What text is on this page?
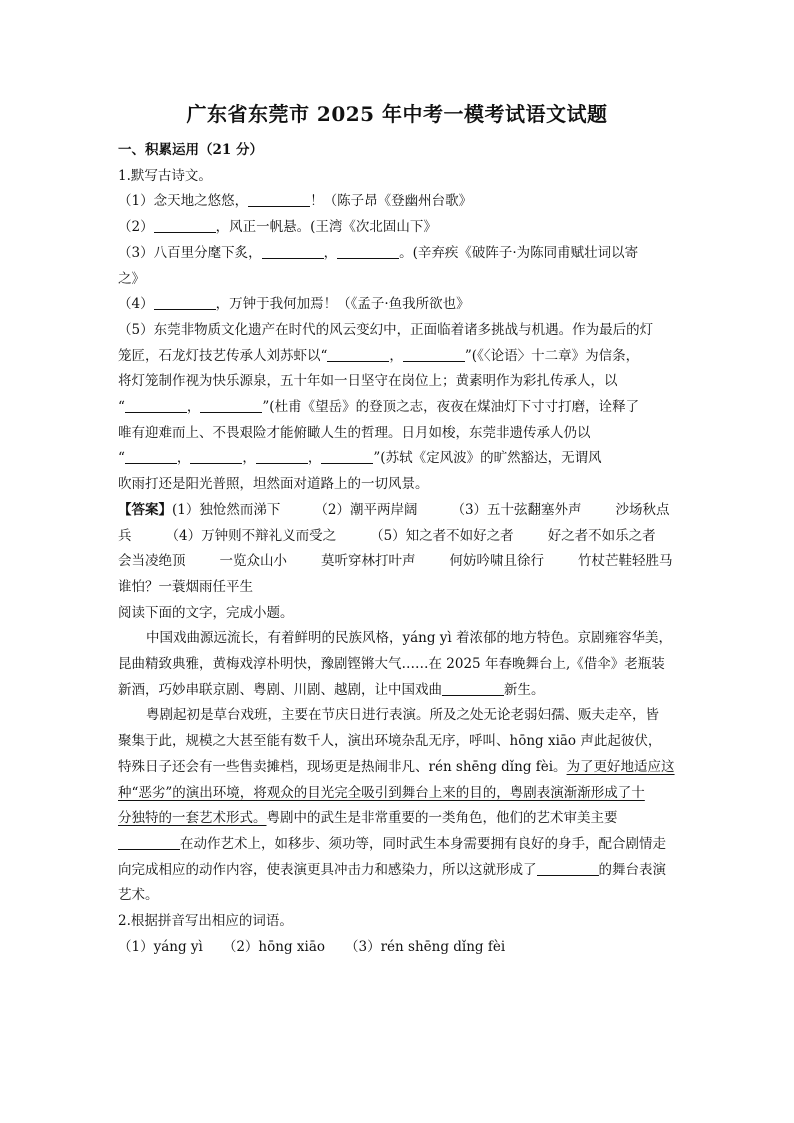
广东省东莞市 2025 年中考一模考试语文试题
一、积累运用（21 分）
1.默写古诗文。
（1）念天地之悠悠，	！（陈子昂《登幽州台歌》
（2）	，风正一帆悬。(王湾《次北固山下》
（3）八百里分麾下炙，	，	。(辛弃疾《破阵子·为陈同甫赋壮词以寄
之》
（4）	，万钟于我何加焉！（《孟子·鱼我所欲也》
（5）东莞非物质文化遗产在时代的风云变幻中，正面临着诸多挑战与机遇。作为最后的灯
笼匠，石龙灯技艺传承人刘苏虾以“	，	”(《〈论语〉十二章》为信条，
将灯笼制作视为快乐源泉，五十年如一日坚守在岗位上；黄素明作为彩扎传承人，以
“	，	”(杜甫《望岳》的登顶之志，夜夜在煤油灯下寸寸打磨，诠释了
唯有迎难而上、不畏艰险才能俯瞰人生的哲理。日月如梭，东莞非遗传承人仍以
“	，	，	，	”(苏轼《定风波》的旷然豁达，无谓风
吹雨打还是阳光普照，坦然面对道路上的一切风景。
【答案】(1）独怆然而涕下	（2）潮平两岸阔	（3）五十弦翻塞外声	沙场秋点
兵	（4）万钟则不辩礼义而受之	（5）知之者不如好之者	好之者不如乐之者
会当凌绝顶	一览众山小	莫听穿林打叶声	何妨吟啸且徐行	竹杖芒鞋轻胜马
谁怕？一蓑烟雨任平生
阅读下面的文字，完成小题。
中国戏曲源远流长，有着鲜明的民族风格，yáng yì 着浓郁的地方特色。京剧雍容华美，
昆曲精致典雅，黄梅戏淳朴明快，豫剧铿锵大气……在 2025 年春晚舞台上,《借伞》老瓶装
新酒，巧妙串联京剧、粤剧、川剧、越剧，让中国戏曲	新生。
粤剧起初是草台戏班，主要在节庆日进行表演。所及之处无论老弱妇孺、贩夫走卒，皆
聚集于此，规模之大甚至能有数千人，演出环境杂乱无序，呼叫、hōng xiāo 声此起彼伏，
特殊日子还会有一些售卖摊档，现场更是热闹非凡、rén shēng dǐng fèi。为了更好地适应这
种“恶劣”的演出环境，将观众的目光完全吸引到舞台上来的目的，粤剧表演渐渐形成了十
分独特的一套艺术形式。粤剧中的武生是非常重要的一类角色，他们的艺术审美主要
在动作艺术上，如移步、须功等，同时武生本身需要拥有良好的身手，配合剧情走
向完成相应的动作内容，使表演更具冲击力和感染力，所以这就形成了	的舞台表演
艺术。
2.根据拼音写出相应的词语。
（1）yáng yì （2）hōng xiāo （3）rén shēng dǐng fèi
